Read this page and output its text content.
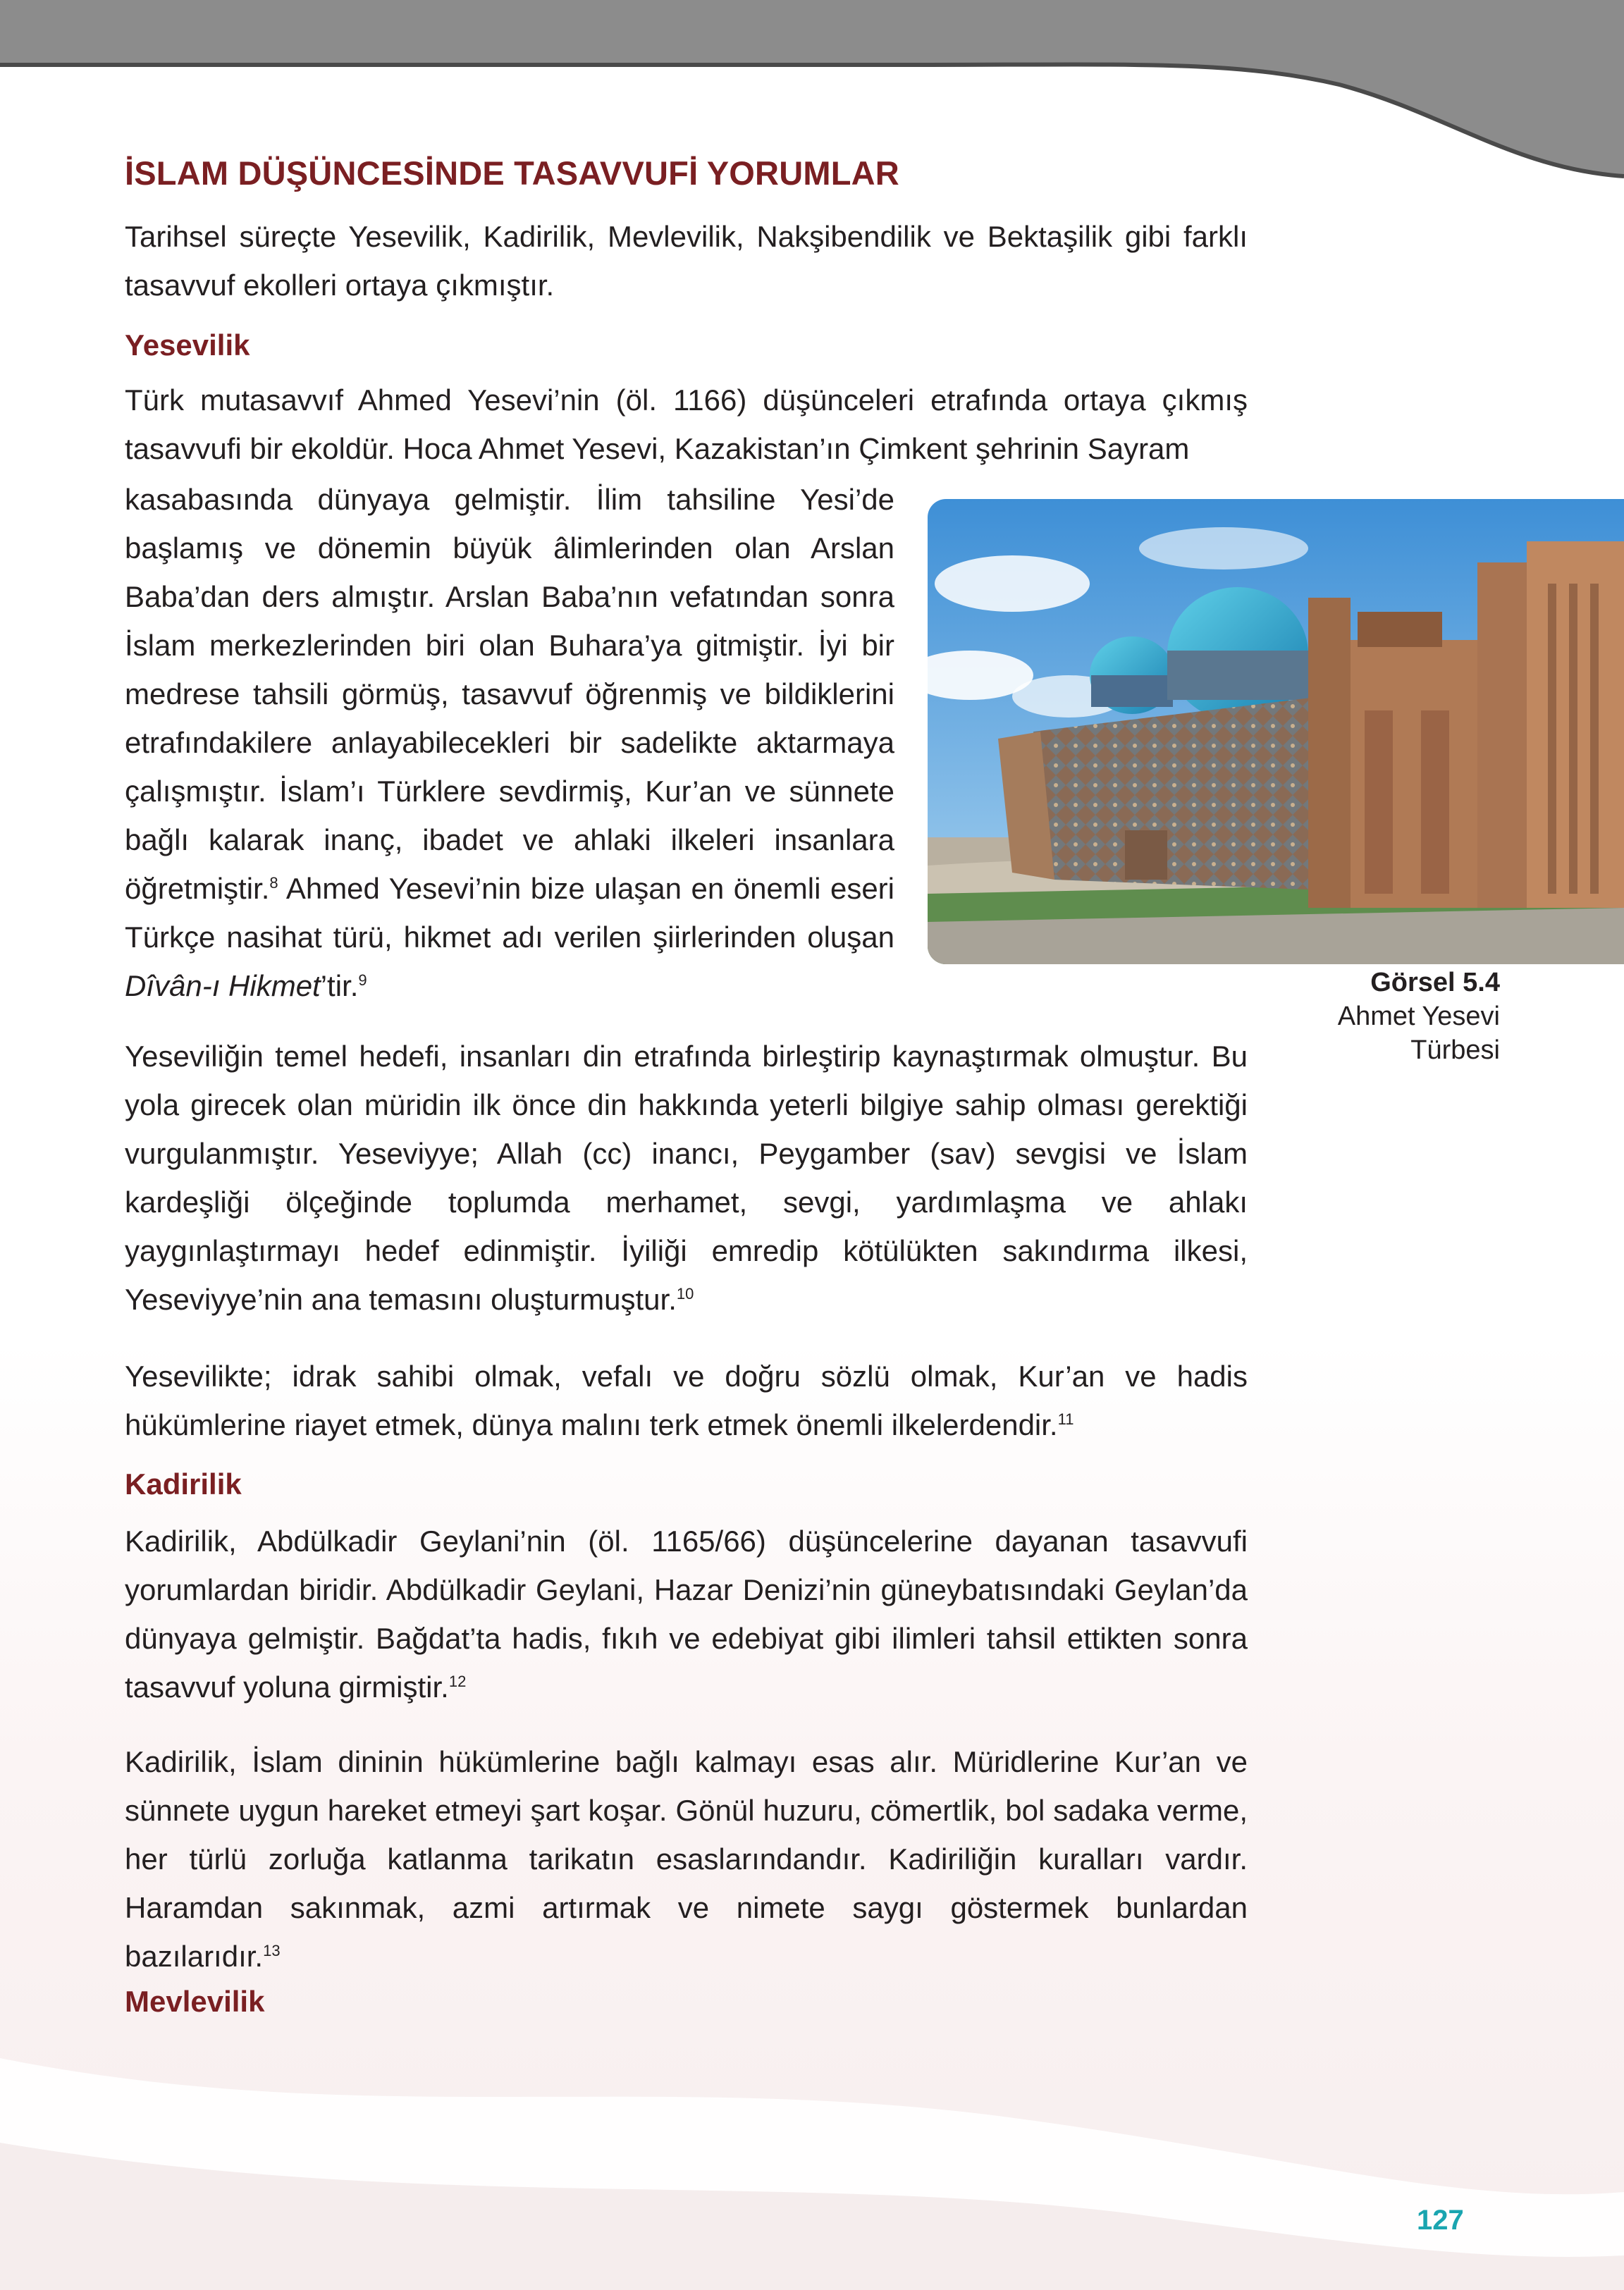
İSLAM DÜŞÜNCESİNDE TASAVVUFİ YORUMLAR

Tarihsel süreçte Yesevilik, Kadirilik, Mevlevilik, Nakşibendilik ve Bektaşilik gibi farklı tasavvuf ekolleri ortaya çıkmıştır.

Yesevilik

Türk mutasavvıf Ahmed Yesevi’nin (öl. 1166) düşünceleri etrafında ortaya çıkmış tasavvufi bir ekoldür. Hoca Ahmet Yesevi, Kazakistan’ın Çimkent şehrinin Sayram

kasabasında dünyaya gelmiştir. İlim tahsiline Yesi’de başlamış ve dönemin büyük âlimlerinden olan Arslan Baba’dan ders almıştır. Arslan Baba’nın vefatından sonra İslam merkezlerinden biri olan Buhara’ya gitmiştir. İyi bir medrese tahsili görmüş, tasavvuf öğrenmiş ve bildiklerini etrafındakilere anlayabilecekleri bir sadelikte aktarmaya çalışmıştır. İslam’ı Türklere sevdirmiş, Kur’an ve sünnete bağlı kalarak inanç, ibadet ve ahlaki ilkeleri insanlara öğretmiştir.$^8$ Ahmed Yesevi’nin bize ulaşan en önemli eseri Türkçe nasihat türü, hikmet adı verilen şiirlerinden oluşan Dîvân-ı Hikmet’tir.$^9$	Görsel 5.4
Ahmet Yesevi
Türbesi

Yeseviliğin temel hedefi, insanları din etrafında birleştirip kaynaştırmak olmuştur. Bu yola girecek olan müridin ilk önce din hakkında yeterli bilgiye sahip olması gerektiği vurgulanmıştır. Yeseviyye; Allah (cc) inancı, Peygamber (sav) sevgisi ve İslam kardeşliği ölçeğinde toplumda merhamet, sevgi, yardımlaşma ve ahlakı yaygınlaştırmayı hedef edinmiştir. İyiliği emredip kötülükten sakındırma ilkesi, Yeseviyye’nin ana temasını oluşturmuştur.$^{10}$

Yesevilikte; idrak sahibi olmak, vefalı ve doğru sözlü olmak, Kur’an ve hadis hükümlerine riayet etmek, dünya malını terk etmek önemli ilkelerdendir.$^{11}$

Kadirilik

Kadirilik, Abdülkadir Geylani’nin (öl. 1165/66) düşüncelerine dayanan tasavvufi yorumlardan biridir. Abdülkadir Geylani, Hazar Denizi’nin güneybatısındaki Geylan’da dünyaya gelmiştir. Bağdat’ta hadis, fıkıh ve edebiyat gibi ilimleri tahsil ettikten sonra tasavvuf yoluna girmiştir.$^{12}$

Kadirilik, İslam dininin hükümlerine bağlı kalmayı esas alır. Müridlerine Kur’an ve sünnete uygun hareket etmeyi şart koşar. Gönül huzuru, cömertlik, bol sadaka verme, her türlü zorluğa katlanma tarikatın esaslarındandır. Kadiriliğin kuralları vardır. Haramdan sakınmak, azmi artırmak ve nimete saygı göstermek bunlardan bazılarıdır.$^{13}$

Mevlevilik
127
